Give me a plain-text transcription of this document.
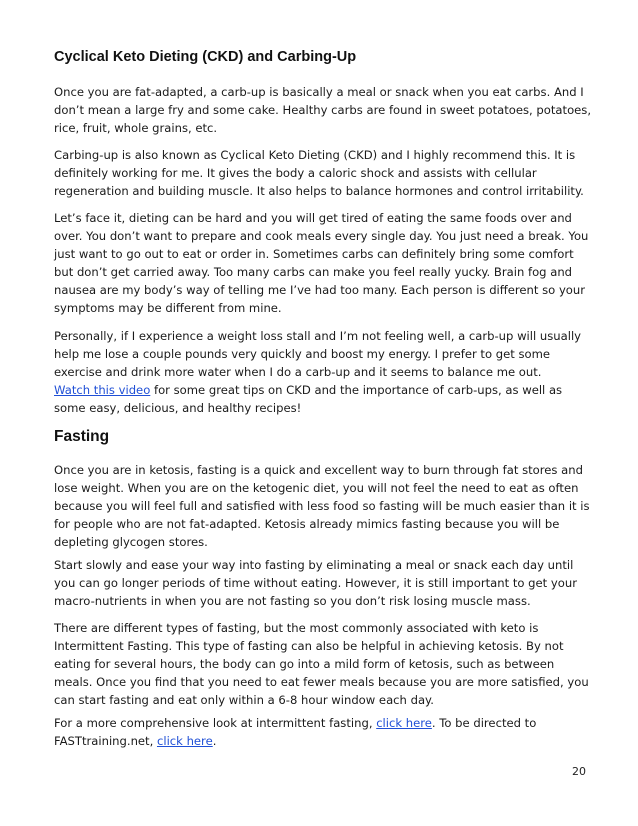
Cyclical Keto Dieting (CKD) and Carbing-Up

Once you are fat-adapted, a carb-up is basically a meal or snack when you eat carbs. And I don’t mean a large fry and some cake. Healthy carbs are found in sweet potatoes, potatoes, rice, fruit, whole grains, etc.

Carbing-up is also known as Cyclical Keto Dieting (CKD) and I highly recommend this. It is definitely working for me. It gives the body a caloric shock and assists with cellular regeneration and building muscle. It also helps to balance hormones and control irritability.

Let’s face it, dieting can be hard and you will get tired of eating the same foods over and over. You don’t want to prepare and cook meals every single day. You just need a break. You just want to go out to eat or order in. Sometimes carbs can definitely bring some comfort but don’t get carried away. Too many carbs can make you feel really yucky. Brain fog and nausea are my body’s way of telling me I’ve had too many. Each person is different so your symptoms may be different from mine.

Personally, if I experience a weight loss stall and I’m not feeling well, a carb-up will usually help me lose a couple pounds very quickly and boost my energy. I prefer to get some exercise and drink more water when I do a carb-up and it seems to balance me out.

Watch this video for some great tips on CKD and the importance of carb-ups, as well as some easy, delicious, and healthy recipes!

Fasting

Once you are in ketosis, fasting is a quick and excellent way to burn through fat stores and lose weight. When you are on the ketogenic diet, you will not feel the need to eat as often because you will feel full and satisfied with less food so fasting will be much easier than it is for people who are not fat-adapted. Ketosis already mimics fasting because you will be depleting glycogen stores.

Start slowly and ease your way into fasting by eliminating a meal or snack each day until you can go longer periods of time without eating. However, it is still important to get your macro-nutrients in when you are not fasting so you don’t risk losing muscle mass.

There are different types of fasting, but the most commonly associated with keto is Intermittent Fasting. This type of fasting can also be helpful in achieving ketosis. By not eating for several hours, the body can go into a mild form of ketosis, such as between meals. Once you find that you need to eat fewer meals because you are more satisfied, you can start fasting and eat only within a 6-8 hour window each day.

For a more comprehensive look at intermittent fasting, click here. To be directed to FASTtraining.net, click here.

20
